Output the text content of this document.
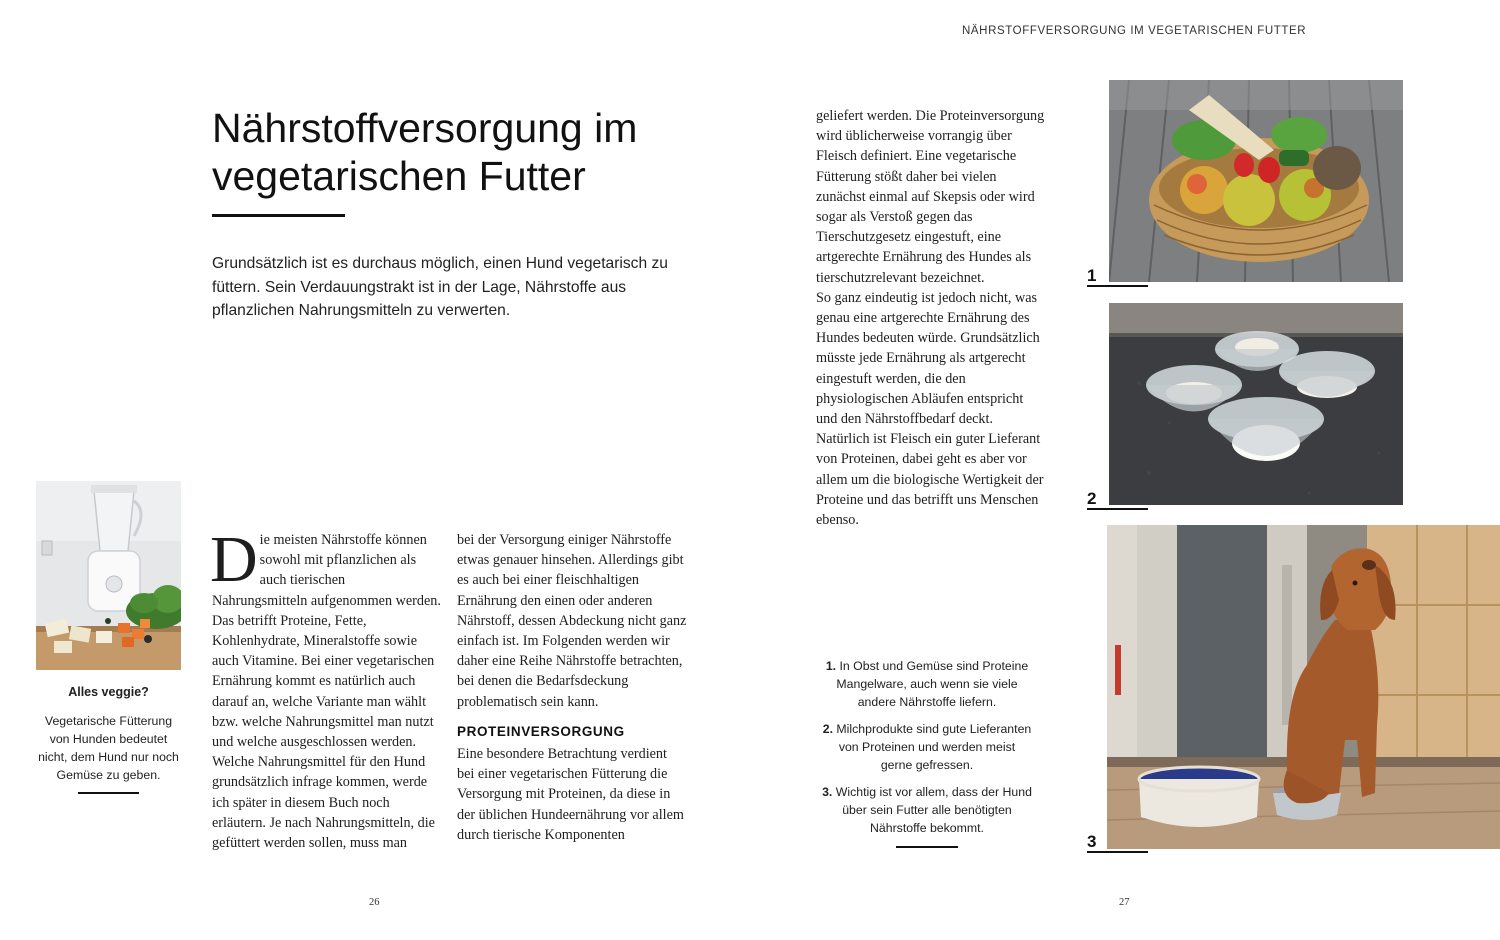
NÄHRSTOFFVERSORGUNG IM VEGETARISCHEN FUTTER
Nährstoffversorgung im
vegetarischen Futter
Grundsätzlich ist es durchaus möglich, einen Hund vegetarisch zu füttern. Sein Verdauungstrakt ist in der Lage, Nährstoffe aus pflanzlichen Nahrungsmitteln zu verwerten.
Alles veggie?
Vegetarische Fütterung von Hunden bedeutet nicht, dem Hund nur noch Gemüse zu geben.
D ie meisten Nährstoffe können sowohl mit pflanzlichen als auch tierischen Nahrungsmitteln aufgenommen werden. Das betrifft Proteine, Fette, Kohlenhydrate, Mineralstoffe sowie auch Vitamine. Bei einer vegetarischen Ernährung kommt es natürlich auch darauf an, welche Variante man wählt bzw. welche Nahrungsmittel man nutzt und welche ausgeschlossen werden.
Welche Nahrungsmittel für den Hund grundsätzlich infrage kommen, werde ich später in diesem Buch noch erläutern. Je nach Nahrungsmitteln, die gefüttert werden sollen, muss man
bei der Versorgung einiger Nährstoffe etwas genauer hinsehen. Allerdings gibt es auch bei einer fleischhaltigen Ernährung den einen oder anderen Nährstoff, dessen Abdeckung nicht ganz einfach ist. Im Folgenden werden wir daher eine Reihe Nährstoffe betrachten, bei denen die Bedarfsdeckung problematisch sein kann.
PROTEINVERSORGUNG
Eine besondere Betrachtung verdient bei einer vegetarischen Fütterung die Versorgung mit Proteinen, da diese in der üblichen Hundeernährung vor allem durch tierische Komponenten
geliefert werden. Die Proteinversorgung wird üblicherweise vorrangig über Fleisch definiert. Eine vegetarische Fütterung stößt daher bei vielen zunächst einmal auf Skepsis oder wird sogar als Verstoß gegen das Tierschutzgesetz eingestuft, eine artgerechte Ernährung des Hundes als tierschutzrelevant bezeichnet.
So ganz eindeutig ist jedoch nicht, was genau eine artgerechte Ernährung des Hundes bedeuten würde. Grundsätzlich müsste jede Ernährung als artgerecht eingestuft werden, die den physiologischen Abläufen entspricht und den Nährstoffbedarf deckt. Natürlich ist Fleisch ein guter Lieferant von Proteinen, dabei geht es aber vor allem um die biologische Wertigkeit der Proteine und das betrifft uns Menschen ebenso.
1
2
3
1. In Obst und Gemüse sind Proteine Mangelware, auch wenn sie viele andere Nährstoffe liefern.
2. Milchprodukte sind gute Lieferanten von Proteinen und werden meist gerne gefressen.
3. Wichtig ist vor allem, dass der Hund über sein Futter alle benötigten Nährstoffe bekommt.
26	27
